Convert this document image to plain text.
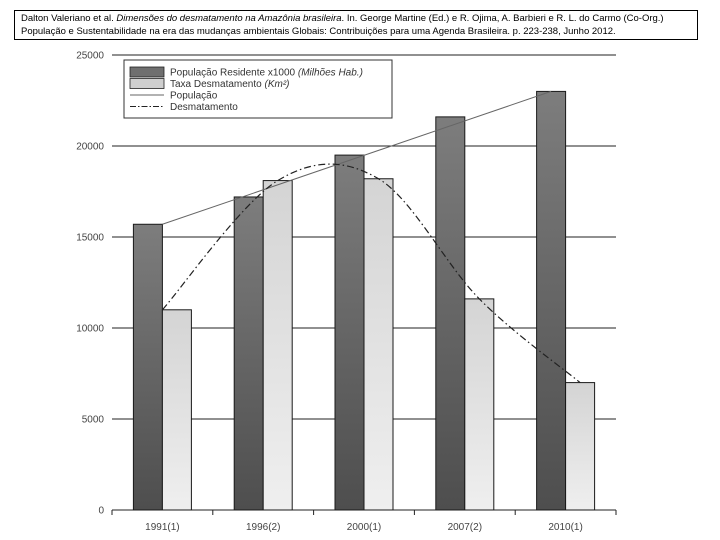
Dalton Valeriano et al. Dimensões do desmatamento na Amazônia brasileira. In. George Martine (Ed.) e R. Ojima, A. Barbieri e R. L. do Carmo (Co-Org.)
População e Sustentabilidade na era das mudanças ambientais Globais: Contribuições para uma Agenda Brasileira. p. 223-238, Junho 2012.
0
5000
10000
15000
20000
25000
1991(1)	1996(2)	2000(1)	2007(2)	2010(1)
População Residente x1000 (Milhões Hab.)
Taxa Desmatamento (Km²)
População
Desmatamento
